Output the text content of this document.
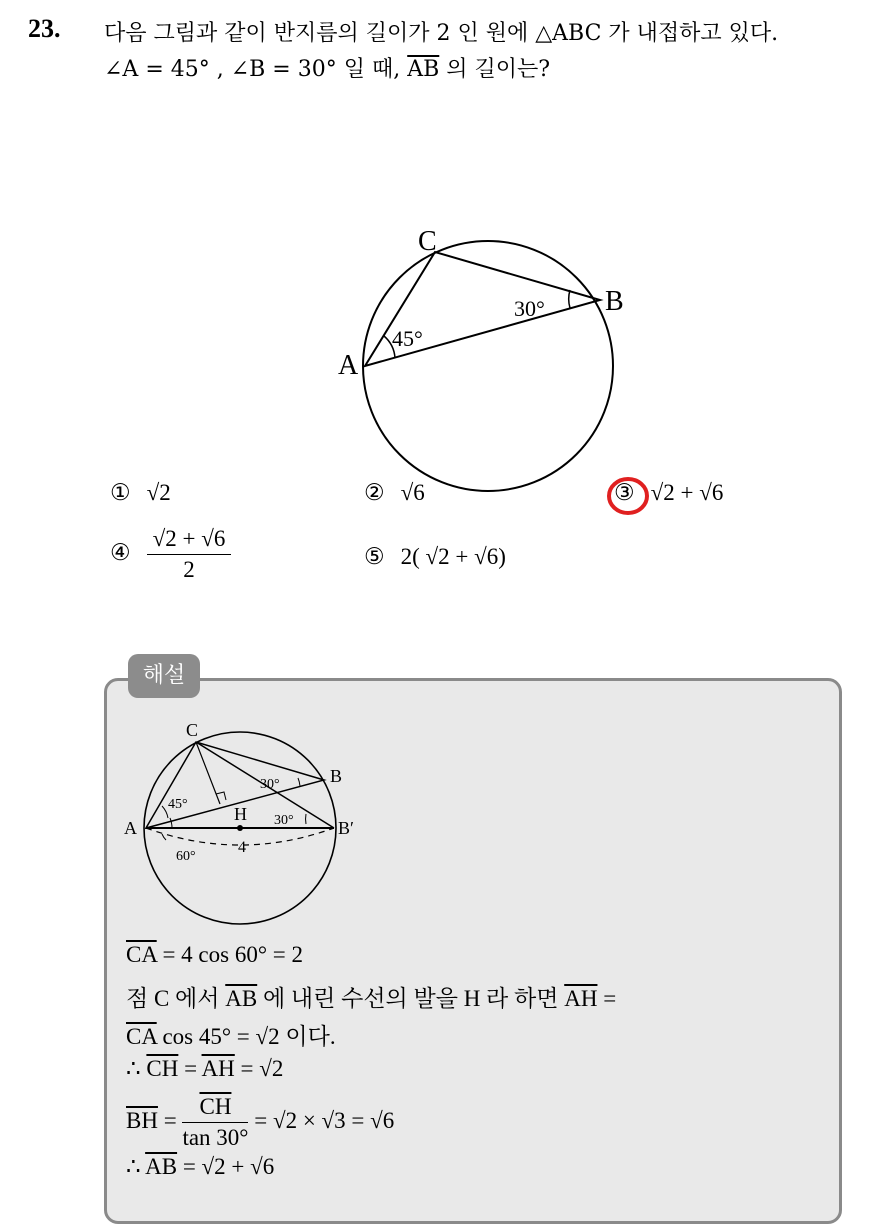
23. 다음 그림과 같이 반지름의 길이가 2 인 원에 △ABC 가 내접하고 있다.
∠A = 45° , ∠B = 30° 일 때, $\overline{AB}$ 의 길이는?
C
B
A
45°
30°
① √2	② √6	③ √2 + √6
④ $\frac{√2 + √6}{2}$	⑤ 2( √2 + √6)
해설
C
B
A	B′
H
45°
30°
30°
60°
4
$\overline{CA} = 4$ cos 60° = 2
점 C 에서 $\overline{AB}$ 에 내린 수선의 발을 H 라 하면 $\overline{AH}$ =
$\overline{CA}$ cos 45° = √2 이다.
∴ $\overline{CH} = \overline{AH} = √2$
$\overline{BH} = \frac{\overline{CH}}{\tan 30^\circ} = √2 \times √3 = √6$
∴ $\overline{AB} = √2 + √6$
